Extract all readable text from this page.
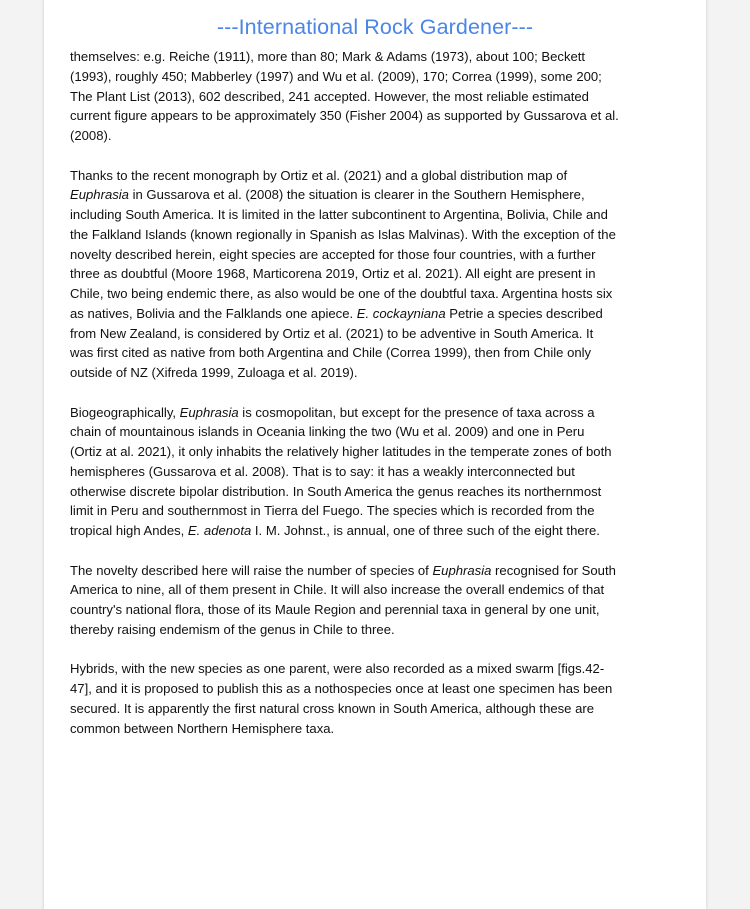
---International Rock Gardener---
themselves: e.g. Reiche (1911), more than 80; Mark & Adams (1973), about 100; Beckett
(1993), roughly 450; Mabberley (1997) and Wu et al. (2009), 170; Correa (1999), some 200;
The Plant List (2013), 602 described, 241 accepted. However, the most reliable estimated
current figure appears to be approximately 350 (Fisher 2004) as supported by Gussarova et al.
(2008).
Thanks to the recent monograph by Ortiz et al. (2021) and a global distribution map of
Euphrasia in Gussarova et al. (2008) the situation is clearer in the Southern Hemisphere,
including South America. It is limited in the latter subcontinent to Argentina, Bolivia, Chile and
the Falkland Islands (known regionally in Spanish as Islas Malvinas). With the exception of the
novelty described herein, eight species are accepted for those four countries, with a further
three as doubtful (Moore 1968, Marticorena 2019, Ortiz et al. 2021). All eight are present in
Chile, two being endemic there, as also would be one of the doubtful taxa. Argentina hosts six
as natives, Bolivia and the Falklands one apiece. E. cockayniana Petrie a species described
from New Zealand, is considered by Ortiz et al. (2021) to be adventive in South America. It
was first cited as native from both Argentina and Chile (Correa 1999), then from Chile only
outside of NZ (Xifreda 1999, Zuloaga et al. 2019).
Biogeographically, Euphrasia is cosmopolitan, but except for the presence of taxa across a
chain of mountainous islands in Oceania linking the two (Wu et al. 2009) and one in Peru
(Ortiz at al. 2021), it only inhabits the relatively higher latitudes in the temperate zones of both
hemispheres (Gussarova et al. 2008). That is to say: it has a weakly interconnected but
otherwise discrete bipolar distribution. In South America the genus reaches its northernmost
limit in Peru and southernmost in Tierra del Fuego. The species which is recorded from the
tropical high Andes, E. adenota I. M. Johnst., is annual, one of three such of the eight there.
The novelty described here will raise the number of species of Euphrasia recognised for South
America to nine, all of them present in Chile. It will also increase the overall endemics of that
country's national flora, those of its Maule Region and perennial taxa in general by one unit,
thereby raising endemism of the genus in Chile to three.
Hybrids, with the new species as one parent, were also recorded as a mixed swarm [figs.42-
47], and it is proposed to publish this as a nothospecies once at least one specimen has been
secured. It is apparently the first natural cross known in South America, although these are
common between Northern Hemisphere taxa.
